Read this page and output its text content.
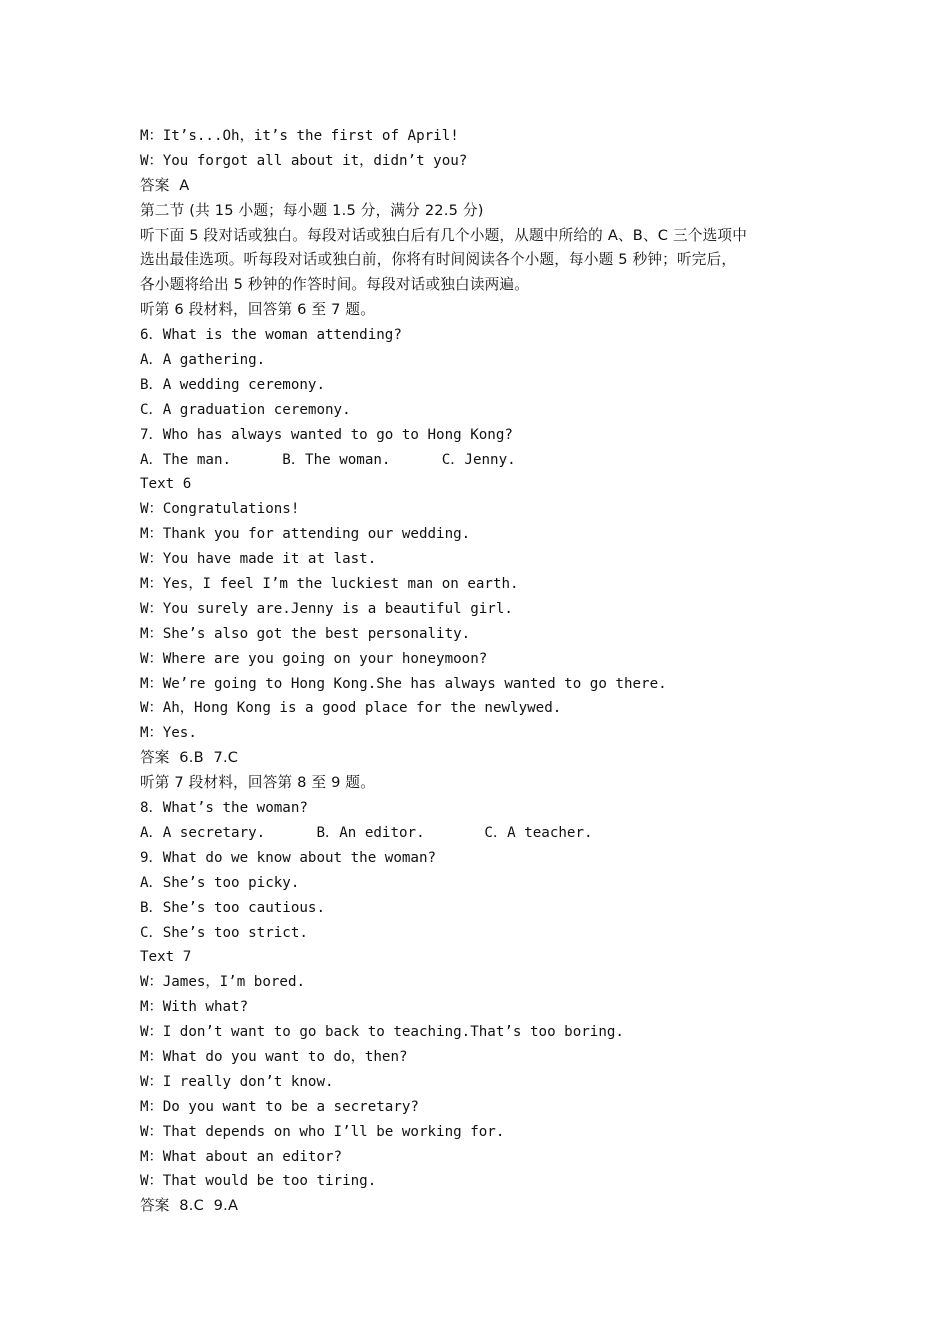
M：It’s...Oh，it’s the first of April!
W：You forgot all about it，didn’t you?
答案  A
第二节 (共 15 小题；每小题 1.5 分，满分 22.5 分)
听下面 5 段对话或独白。每段对话或独白后有几个小题，从题中所给的 A、B、C 三个选项中
选出最佳选项。听每段对话或独白前，你将有时间阅读各个小题，每小题 5 秒钟；听完后，
各小题将给出 5 秒钟的作答时间。每段对话或独白读两遍。
听第 6 段材料，回答第 6 至 7 题。
6．What is the woman attending?
A．A gathering.
B．A wedding ceremony.
C．A graduation ceremony.
7．Who has always wanted to go to Hong Kong?
A．The man.      B．The woman.      C．Jenny.
Text 6
W：Congratulations!
M：Thank you for attending our wedding.
W：You have made it at last.
M：Yes，I feel I’m the luckiest man on earth.
W：You surely are.Jenny is a beautiful girl.
M：She’s also got the best personality.
W：Where are you going on your honeymoon?
M：We’re going to Hong Kong.She has always wanted to go there.
W：Ah，Hong Kong is a good place for the newlywed.
M：Yes.
答案  6.B  7.C
听第 7 段材料，回答第 8 至 9 题。
8．What’s the woman?
A．A secretary.      B．An editor.       C．A teacher.
9．What do we know about the woman?
A．She’s too picky.
B．She’s too cautious.
C．She’s too strict.
Text 7
W：James，I’m bored.
M：With what?
W：I don’t want to go back to teaching.That’s too boring.
M：What do you want to do，then?
W：I really don’t know.
M：Do you want to be a secretary?
W：That depends on who I’ll be working for.
M：What about an editor?
W：That would be too tiring.
答案  8.C  9.A
